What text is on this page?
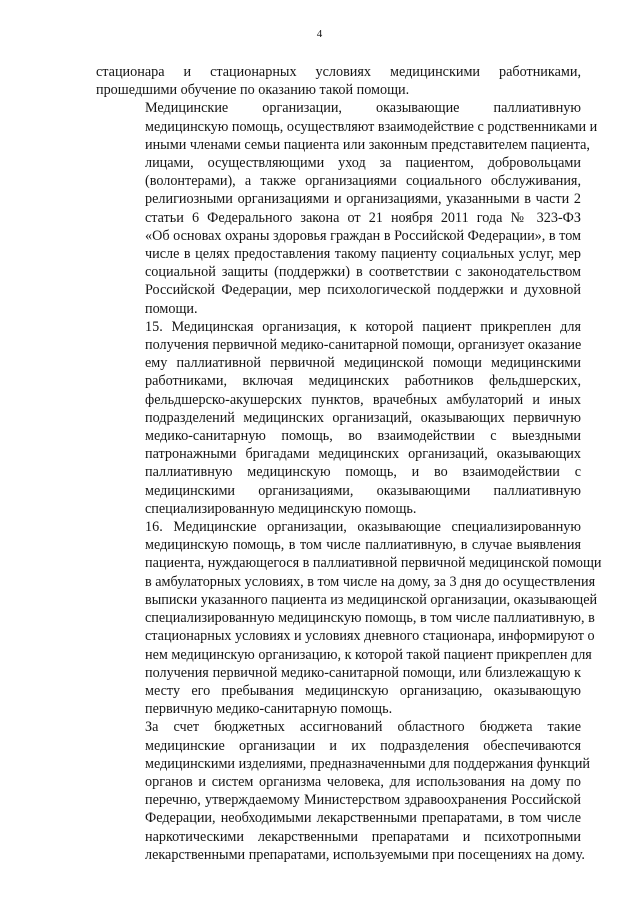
4

стационара и стационарных условиях медицинскими работниками,
прошедшими обучение по оказанию такой помощи.

Медицинские организации, оказывающие паллиативную
медицинскую помощь, осуществляют взаимодействие с родственниками и
иными членами семьи пациента или законным представителем пациента,
лицами, осуществляющими уход за пациентом, добровольцами
(волонтерами), а также организациями социального обслуживания,
религиозными организациями и организациями, указанными в части 2
статьи 6 Федерального закона от 21 ноября 2011 года № 323-ФЗ
«Об основах охраны здоровья граждан в Российской Федерации», в том
числе в целях предоставления такому пациенту социальных услуг, мер
социальной защиты (поддержки) в соответствии с законодательством
Российской Федерации, мер психологической поддержки и духовной
помощи.

15. Медицинская организация, к которой пациент прикреплен для
получения первичной медико-санитарной помощи, организует оказание
ему паллиативной первичной медицинской помощи медицинскими
работниками, включая медицинских работников фельдшерских,
фельдшерско-акушерских пунктов, врачебных амбулаторий и иных
подразделений медицинских организаций, оказывающих первичную
медико-санитарную помощь, во взаимодействии с выездными
патронажными бригадами медицинских организаций, оказывающих
паллиативную медицинскую помощь, и во взаимодействии с
медицинскими организациями, оказывающими паллиативную
специализированную медицинскую помощь.

16. Медицинские организации, оказывающие специализированную
медицинскую помощь, в том числе паллиативную, в случае выявления
пациента, нуждающегося в паллиативной первичной медицинской помощи
в амбулаторных условиях, в том числе на дому, за 3 дня до осуществления
выписки указанного пациента из медицинской организации, оказывающей
специализированную медицинскую помощь, в том числе паллиативную, в
стационарных условиях и условиях дневного стационара, информируют о
нем медицинскую организацию, к которой такой пациент прикреплен для
получения первичной медико-санитарной помощи, или близлежащую к
месту его пребывания медицинскую организацию, оказывающую
первичную медико-санитарную помощь.

За счет бюджетных ассигнований областного бюджета такие
медицинские организации и их подразделения обеспечиваются
медицинскими изделиями, предназначенными для поддержания функций
органов и систем организма человека, для использования на дому по
перечню, утверждаемому Министерством здравоохранения Российской
Федерации, необходимыми лекарственными препаратами, в том числе
наркотическими лекарственными препаратами и психотропными
лекарственными препаратами, используемыми при посещениях на дому.
